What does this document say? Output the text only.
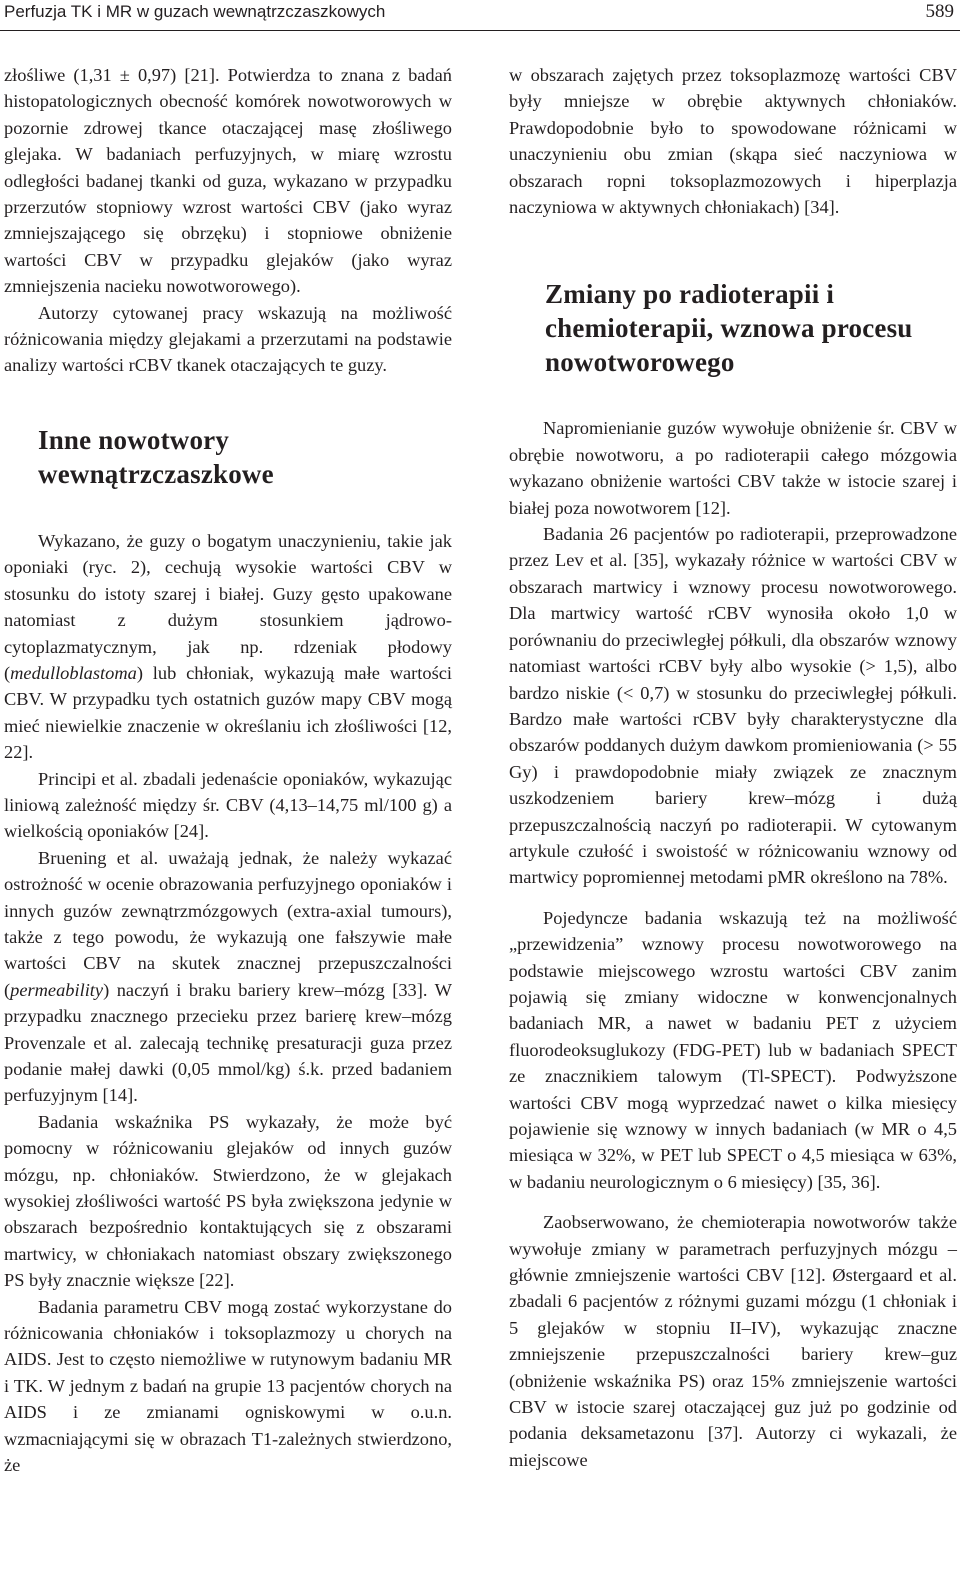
Perfuzja TK i MR w guzach wewnątrzczaszkowych	589

złośliwe (1,31 ± 0,97) [21]. Potwierdza to znana z badań histopatologicznych obecność komórek nowotworowych w pozornie zdrowej tkance otaczającej masę złośliwego glejaka. W badaniach perfuzyjnych, w miarę wzrostu odległości badanej tkanki od guza, wykazano w przypadku przerzutów stopniowy wzrost wartości CBV (jako wyraz zmniejszającego się obrzęku) i stopniowe obniżenie wartości CBV w przypadku glejaków (jako wyraz zmniejszenia nacieku nowotworowego).

Autorzy cytowanej pracy wskazują na możliwość różnicowania między glejakami a przerzutami na podstawie analizy wartości rCBV tkanek otaczających te guzy.

Inne nowotwory wewnątrzczaszkowe

Wykazano, że guzy o bogatym unaczynieniu, takie jak oponiaki (ryc. 2), cechują wysokie wartości CBV w stosunku do istoty szarej i białej. Guzy gęsto upakowane natomiast z dużym stosunkiem jądrowo-cytoplazmatycznym, jak np. rdzeniak płodowy (medulloblastoma) lub chłoniak, wykazują małe wartości CBV. W przypadku tych ostatnich guzów mapy CBV mogą mieć niewielkie znaczenie w określaniu ich złośliwości [12, 22].

Principi et al. zbadali jedenaście oponiaków, wykazując liniową zależność między śr. CBV (4,13–14,75 ml/100 g) a wielkością oponiaków [24].

Bruening et al. uważają jednak, że należy wykazać ostrożność w ocenie obrazowania perfuzyjnego oponiaków i innych guzów zewnątrzmózgowych (extra-axial tumours), także z tego powodu, że wykazują one fałszywie małe wartości CBV na skutek znacznej przepuszczalności (permeability) naczyń i braku bariery krew–mózg [33]. W przypadku znacznego przecieku przez barierę krew–mózg Provenzale et al. zalecają technikę presaturacji guza przez podanie małej dawki (0,05 mmol/kg) ś.k. przed badaniem perfuzyjnym [14].

Badania wskaźnika PS wykazały, że może być pomocny w różnicowaniu glejaków od innych guzów mózgu, np. chłoniaków. Stwierdzono, że w glejakach wysokiej złośliwości wartość PS była zwiększona jedynie w obszarach bezpośrednio kontaktujących się z obszarami martwicy, w chłoniakach natomiast obszary zwiększonego PS były znacznie większe [22].

Badania parametru CBV mogą zostać wykorzystane do różnicowania chłoniaków i toksoplazmozy u chorych na AIDS. Jest to często niemożliwe w rutynowym badaniu MR i TK. W jednym z badań na grupie 13 pacjentów chorych na AIDS i ze zmianami ogniskowymi w o.u.n. wzmacniającymi się w obrazach T1-zależnych stwierdzono, że

w obszarach zajętych przez toksoplazmozę wartości CBV były mniejsze w obrębie aktywnych chłoniaków. Prawdopodobnie było to spowodowane różnicami w unaczynieniu obu zmian (skąpa sieć naczyniowa w obszarach ropni toksoplazmozowych i hiperplazja naczyniowa w aktywnych chłoniakach) [34].

Zmiany po radioterapii i chemioterapii, wznowa procesu nowotworowego

Napromienianie guzów wywołuje obniżenie śr. CBV w obrębie nowotworu, a po radioterapii całego mózgowia wykazano obniżenie wartości CBV także w istocie szarej i białej poza nowotworem [12].

Badania 26 pacjentów po radioterapii, przeprowadzone przez Lev et al. [35], wykazały różnice w wartości CBV w obszarach martwicy i wznowy procesu nowotworowego. Dla martwicy wartość rCBV wynosiła około 1,0 w porównaniu do przeciwległej półkuli, dla obszarów wznowy natomiast wartości rCBV były albo wysokie (> 1,5), albo bardzo niskie (< 0,7) w stosunku do przeciwległej półkuli. Bardzo małe wartości rCBV były charakterystyczne dla obszarów poddanych dużym dawkom promieniowania (> 55 Gy) i prawdopodobnie miały związek ze znacznym uszkodzeniem bariery krew–mózg i dużą przepuszczalnością naczyń po radioterapii. W cytowanym artykule czułość i swoistość w różnicowaniu wznowy od martwicy popromiennej metodami pMR określono na 78%.

Pojedyncze badania wskazują też na możliwość „przewidzenia” wznowy procesu nowotworowego na podstawie miejscowego wzrostu wartości CBV zanim pojawią się zmiany widoczne w konwencjonalnych badaniach MR, a nawet w badaniu PET z użyciem fluorodeoksuglukozy (FDG-PET) lub w badaniach SPECT ze znacznikiem talowym (Tl-SPECT). Podwyższone wartości CBV mogą wyprzedzać nawet o kilka miesięcy pojawienie się wznowy w innych badaniach (w MR o 4,5 miesiąca w 32%, w PET lub SPECT o 4,5 miesiąca w 63%, w badaniu neurologicznym o 6 miesięcy) [35, 36].

Zaobserwowano, że chemioterapia nowotworów także wywołuje zmiany w parametrach perfuzyjnych mózgu – głównie zmniejszenie wartości CBV [12]. Østergaard et al. zbadali 6 pacjentów z różnymi guzami mózgu (1 chłoniak i 5 glejaków w stopniu II–IV), wykazując znaczne zmniejszenie przepuszczalności bariery krew–guz (obniżenie wskaźnika PS) oraz 15% zmniejszenie wartości CBV w istocie szarej otaczającej guz już po godzinie od podania deksametazonu [37]. Autorzy ci wykazali, że miejscowe
